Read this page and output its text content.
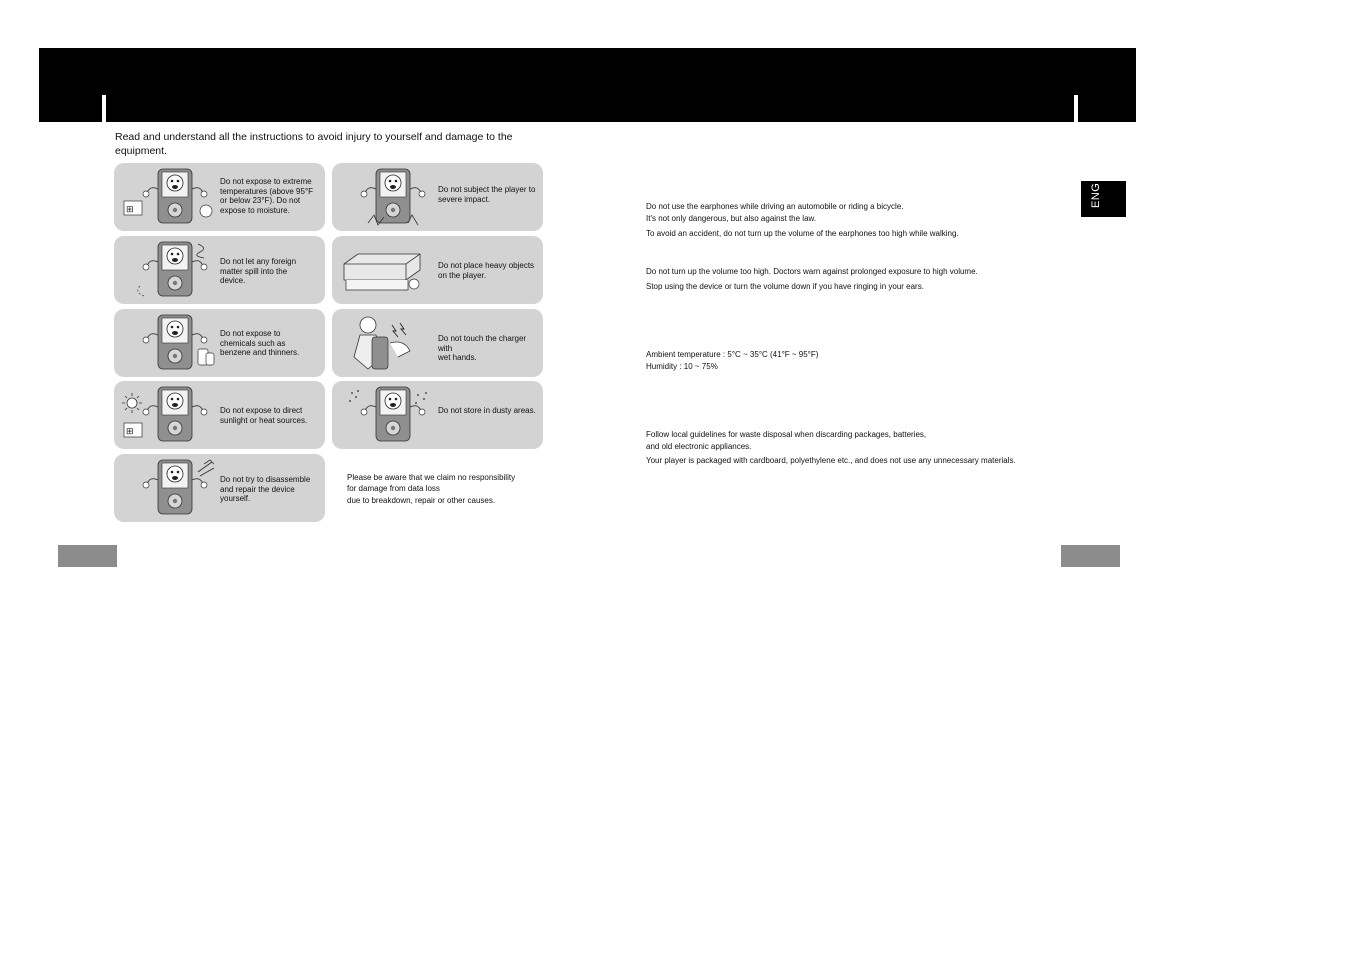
Read and understand all the instructions to avoid injury to yourself and damage to the
equipment.
⊞
Do not expose to extreme
temperatures (above 95°F
or below 23°F). Do not
expose to moisture.
Do not subject the player to
severe impact.
Do not let any foreign
matter spill into the
device.
Do not place heavy objects
on the player.
Do not expose to
chemicals such as
benzene and thinners.
Do not touch the charger with
wet hands.
⊞
Do not expose to direct
sunlight or heat sources.
Do not store in dusty areas.
Do not try to disassemble
and repair the device
yourself.
Please be aware that we claim no responsibility
for damage from data loss
due to breakdown, repair or other causes.
Do not use the earphones while driving an automobile or riding a bicycle.
It's not only dangerous, but also against the law.
To avoid an accident, do not turn up the volume of the earphones too high while walking.
Do not turn up the volume too high. Doctors warn against prolonged exposure to high volume.
Stop using the device or turn the volume down if you have ringing in your ears.
Ambient temperature : 5°C ~ 35°C (41°F ~ 95°F)
Humidity : 10 ~ 75%
Follow local guidelines for waste disposal when discarding packages, batteries,
and old electronic appliances.
Your player is packaged with cardboard, polyethylene etc., and does not use any unnecessary materials.
ENG
